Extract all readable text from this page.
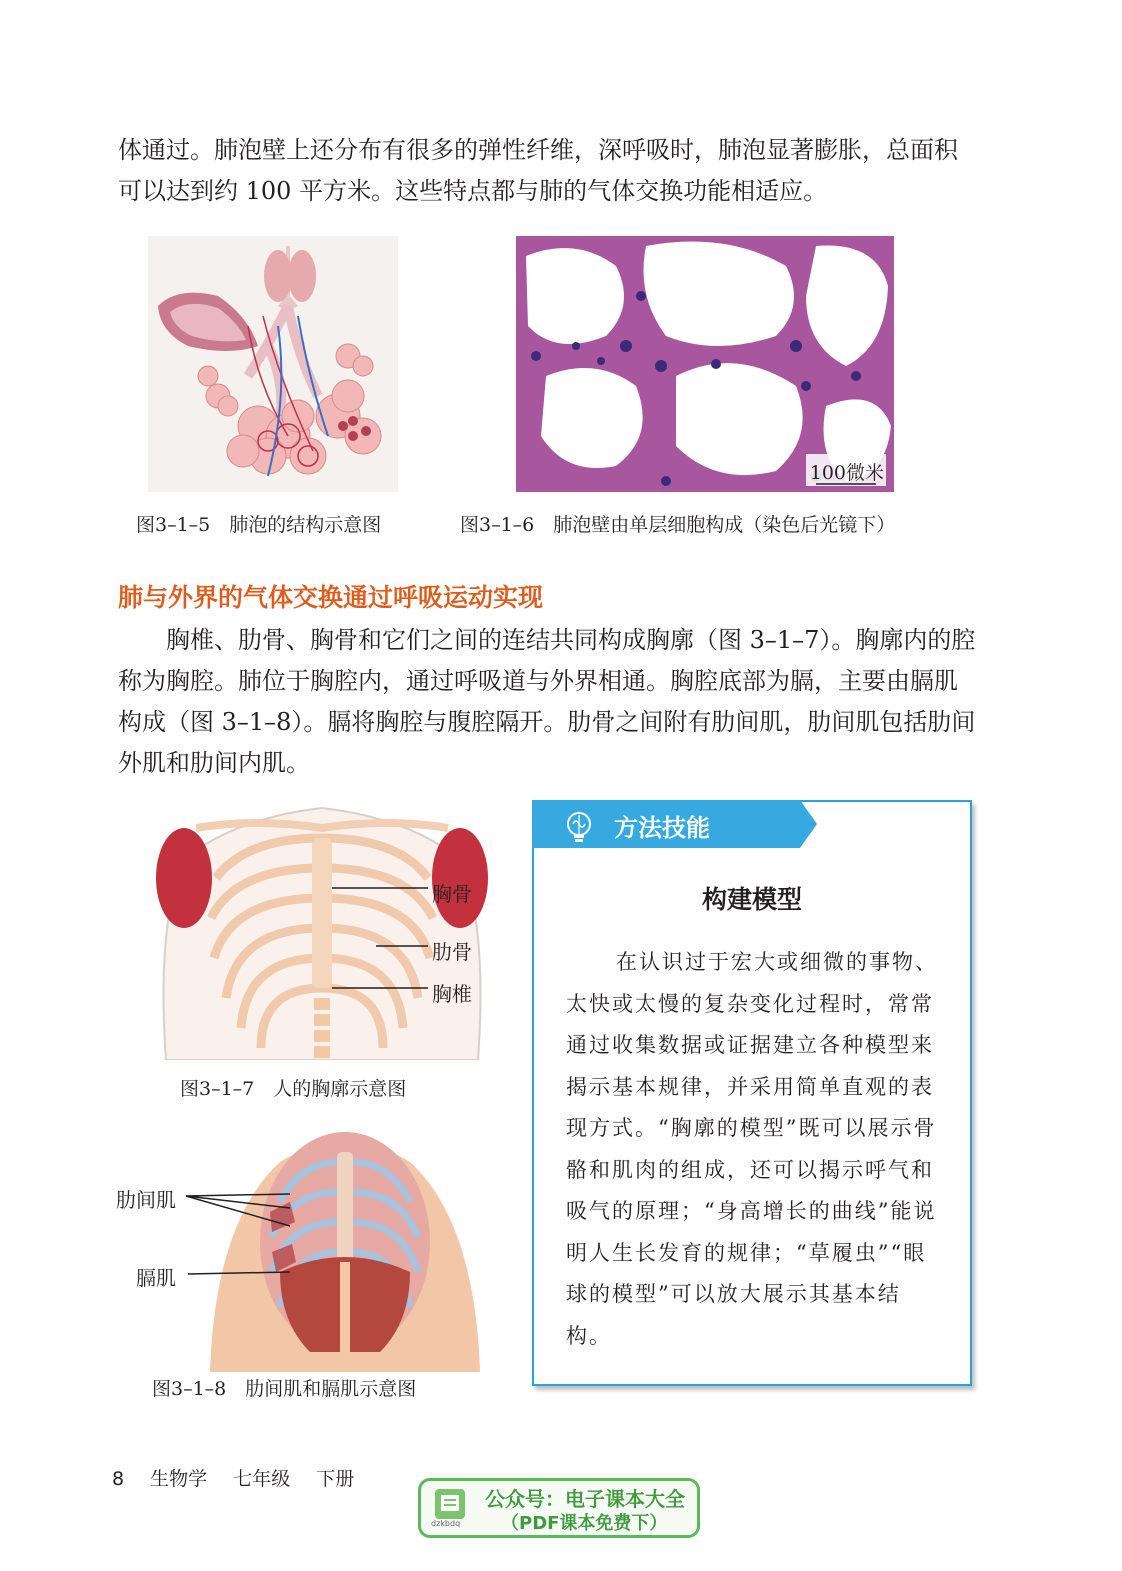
体通过。肺泡壁上还分布有很多的弹性纤维，深呼吸时，肺泡显著膨胀，总面积可以达到约 100 平方米。这些特点都与肺的气体交换功能相适应。

100微米
图3–1–5　肺泡的结构示意图	图3–1–6　肺泡壁由单层细胞构成（染色后光镜下）
肺与外界的气体交换通过呼吸运动实现

胸椎、肋骨、胸骨和它们之间的连结共同构成胸廓（图 3–1–7）。胸廓内的腔称为胸腔。肺位于胸腔内，通过呼吸道与外界相通。胸腔底部为膈，主要由膈肌构成（图 3–1–8）。膈将胸腔与腹腔隔开。肋骨之间附有肋间肌，肋间肌包括肋间外肌和肋间内肌。

胸骨
肋骨
胸椎
图3–1–7　人的胸廓示意图
肋间肌
膈肌
图3–1–8　肋间肌和膈肌示意图
方法技能
构建模型

在认识过于宏大或细微的事物、太快或太慢的复杂变化过程时，常常通过收集数据或证据建立各种模型来揭示基本规律，并采用简单直观的表现方式。“胸廓的模型”既可以展示骨骼和肌肉的组成，还可以揭示呼气和吸气的原理；“身高增长的曲线”能说明人生长发育的规律；“草履虫”“眼球的模型”可以放大展示其基本结构。

8 生物学 七年级 下册
dzkbdq
公众号：电子课本大全
（PDF课本免费下）
